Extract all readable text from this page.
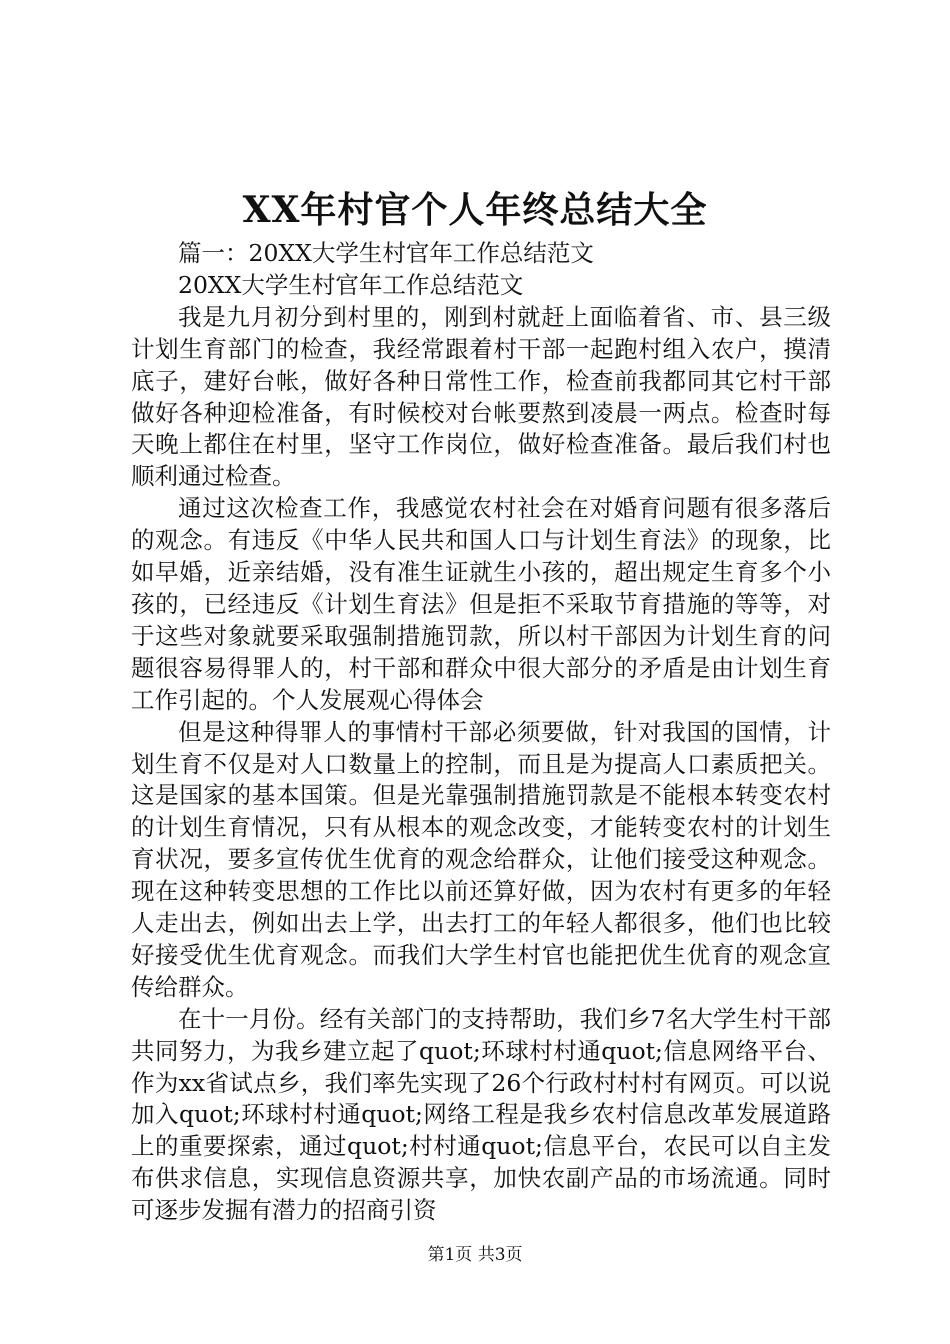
XX年村官个人年终总结大全

篇一：20XX大学生村官年工作总结范文

20XX大学生村官年工作总结范文

我是九月初分到村里的，刚到村就赶上面临着省、市、县三级计划生育部门的检查，我经常跟着村干部一起跑村组入农户，摸清底子，建好台帐，做好各种日常性工作，检查前我都同其它村干部做好各种迎检准备，有时候校对台帐要熬到凌晨一两点。检查时每天晚上都住在村里，坚守工作岗位，做好检查准备。最后我们村也顺利通过检查。

通过这次检查工作，我感觉农村社会在对婚育问题有很多落后的观念。有违反《中华人民共和国人口与计划生育法》的现象，比如早婚，近亲结婚，没有准生证就生小孩的，超出规定生育多个小孩的，已经违反《计划生育法》但是拒不采取节育措施的等等，对于这些对象就要采取强制措施罚款，所以村干部因为计划生育的问题很容易得罪人的，村干部和群众中很大部分的矛盾是由计划生育工作引起的。个人发展观心得体会

但是这种得罪人的事情村干部必须要做，针对我国的国情，计划生育不仅是对人口数量上的控制，而且是为提高人口素质把关。这是国家的基本国策。但是光靠强制措施罚款是不能根本转变农村的计划生育情况，只有从根本的观念改变，才能转变农村的计划生育状况，要多宣传优生优育的观念给群众，让他们接受这种观念。现在这种转变思想的工作比以前还算好做，因为农村有更多的年轻人走出去，例如出去上学，出去打工的年轻人都很多，他们也比较好接受优生优育观念。而我们大学生村官也能把优生优育的观念宣传给群众。

在十一月份。经有关部门的支持帮助，我们乡7名大学生村干部共同努力，为我乡建立起了quot;环球村村通quot;信息网络平台、作为xx省试点乡，我们率先实现了26个行政村村村有网页。可以说加入quot;环球村村通quot;网络工程是我乡农村信息改革发展道路上的重要探索，通过quot;村村通quot;信息平台，农民可以自主发布供求信息，实现信息资源共享，加快农副产品的市场流通。同时可逐步发掘有潜力的招商引资

第1页 共3页
